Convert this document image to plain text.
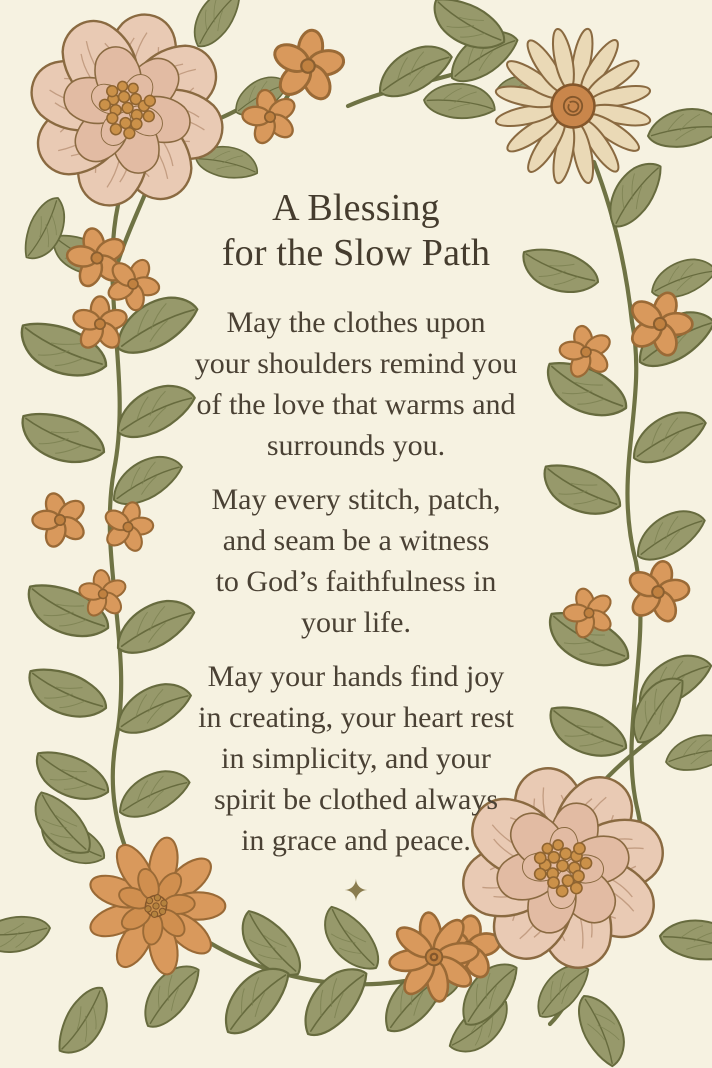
A Blessing
for the Slow Path

May the clothes upon
your shoulders remind you
of the love that warms and
surrounds you.

May every stitch, patch,
and seam be a witness
to God’s faithfulness in
your life.

May your hands find joy
in creating, your heart rest
in simplicity, and your
spirit be clothed always
in grace and peace.

✦
